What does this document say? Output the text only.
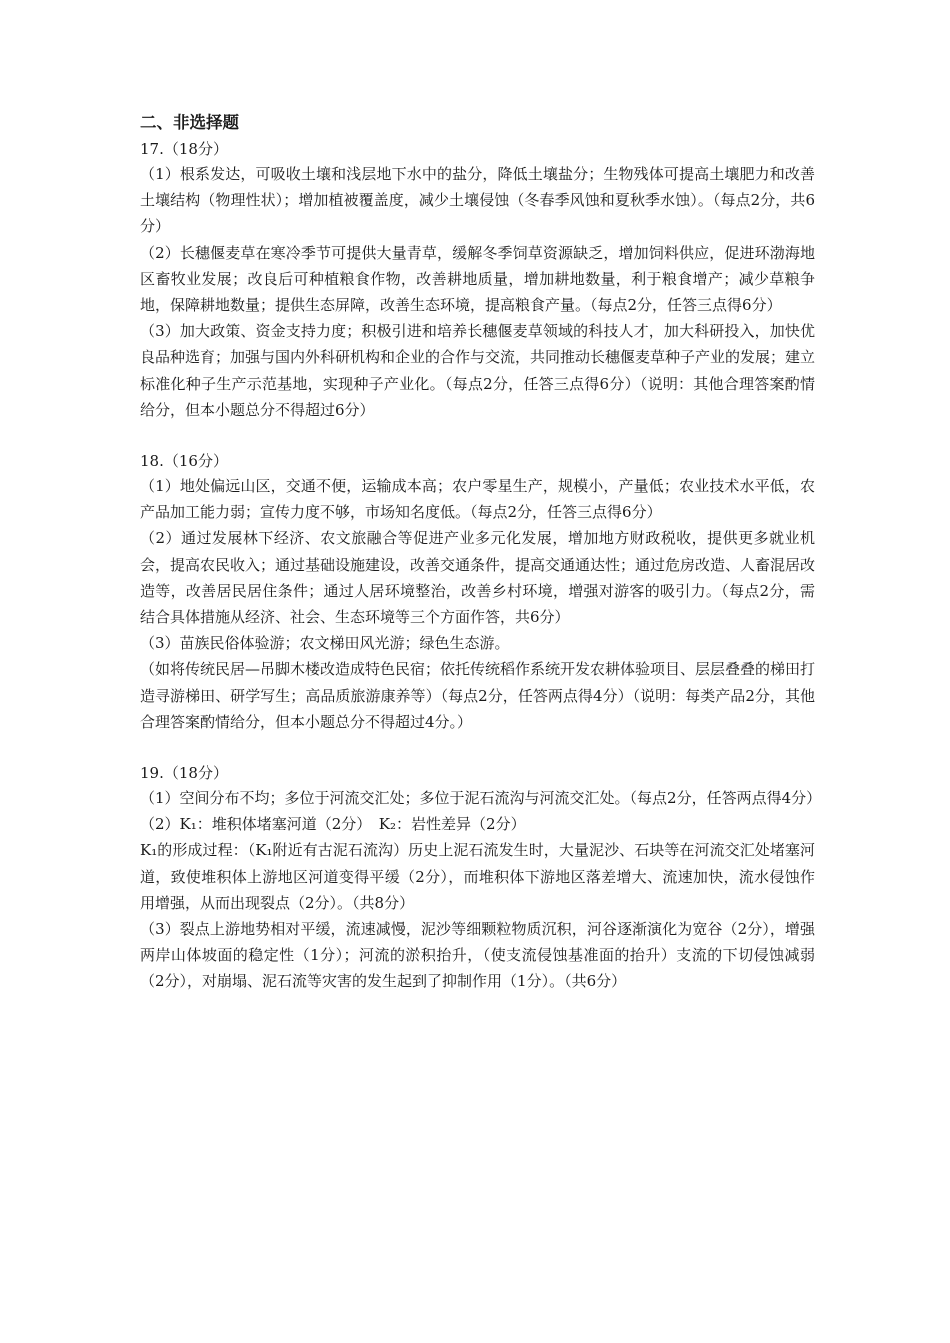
二、非选择题
17.（18分）
（1）根系发达，可吸收土壤和浅层地下水中的盐分，降低土壤盐分；生物残体可提高土壤肥力和改善土壤结构（物理性状）；增加植被覆盖度，减少土壤侵蚀（冬春季风蚀和夏秋季水蚀）。（每点2分，共6分）
（2）长穗偃麦草在寒冷季节可提供大量青草，缓解冬季饲草资源缺乏，增加饲料供应，促进环渤海地区畜牧业发展；改良后可种植粮食作物，改善耕地质量，增加耕地数量，利于粮食增产；减少草粮争地，保障耕地数量；提供生态屏障，改善生态环境，提高粮食产量。（每点2分，任答三点得6分）
（3）加大政策、资金支持力度；积极引进和培养长穗偃麦草领域的科技人才，加大科研投入，加快优良品种选育；加强与国内外科研机构和企业的合作与交流，共同推动长穗偃麦草种子产业的发展；建立标准化种子生产示范基地，实现种子产业化。（每点2分，任答三点得6分）（说明：其他合理答案酌情给分，但本小题总分不得超过6分）
18.（16分）
（1）地处偏远山区，交通不便，运输成本高；农户零星生产，规模小，产量低；农业技术水平低，农产品加工能力弱；宣传力度不够，市场知名度低。（每点2分，任答三点得6分）
（2）通过发展林下经济、农文旅融合等促进产业多元化发展，增加地方财政税收，提供更多就业机会，提高农民收入；通过基础设施建设，改善交通条件，提高交通通达性；通过危房改造、人畜混居改造等，改善居民居住条件；通过人居环境整治，改善乡村环境，增强对游客的吸引力。（每点2分，需结合具体措施从经济、社会、生态环境等三个方面作答，共6分）
（3）苗族民俗体验游；农文梯田风光游；绿色生态游。
（如将传统民居—吊脚木楼改造成特色民宿；依托传统稻作系统开发农耕体验项目、层层叠叠的梯田打造寻游梯田、研学写生；高品质旅游康养等）（每点2分，任答两点得4分）（说明：每类产品2分，其他合理答案酌情给分，但本小题总分不得超过4分。）
19.（18分）
（1）空间分布不均；多位于河流交汇处；多位于泥石流沟与河流交汇处。（每点2分，任答两点得4分）
（2）K₁：堆积体堵塞河道（2分）　K₂：岩性差异（2分）
K₁的形成过程：（K₁附近有古泥石流沟）历史上泥石流发生时，大量泥沙、石块等在河流交汇处堵塞河道，致使堆积体上游地区河道变得平缓（2分），而堆积体下游地区落差增大、流速加快，流水侵蚀作用增强，从而出现裂点（2分）。（共8分）
（3）裂点上游地势相对平缓，流速减慢，泥沙等细颗粒物质沉积，河谷逐渐演化为宽谷（2分），增强两岸山体坡面的稳定性（1分）；河流的淤积抬升，（使支流侵蚀基准面的抬升）支流的下切侵蚀减弱（2分），对崩塌、泥石流等灾害的发生起到了抑制作用（1分）。（共6分）
